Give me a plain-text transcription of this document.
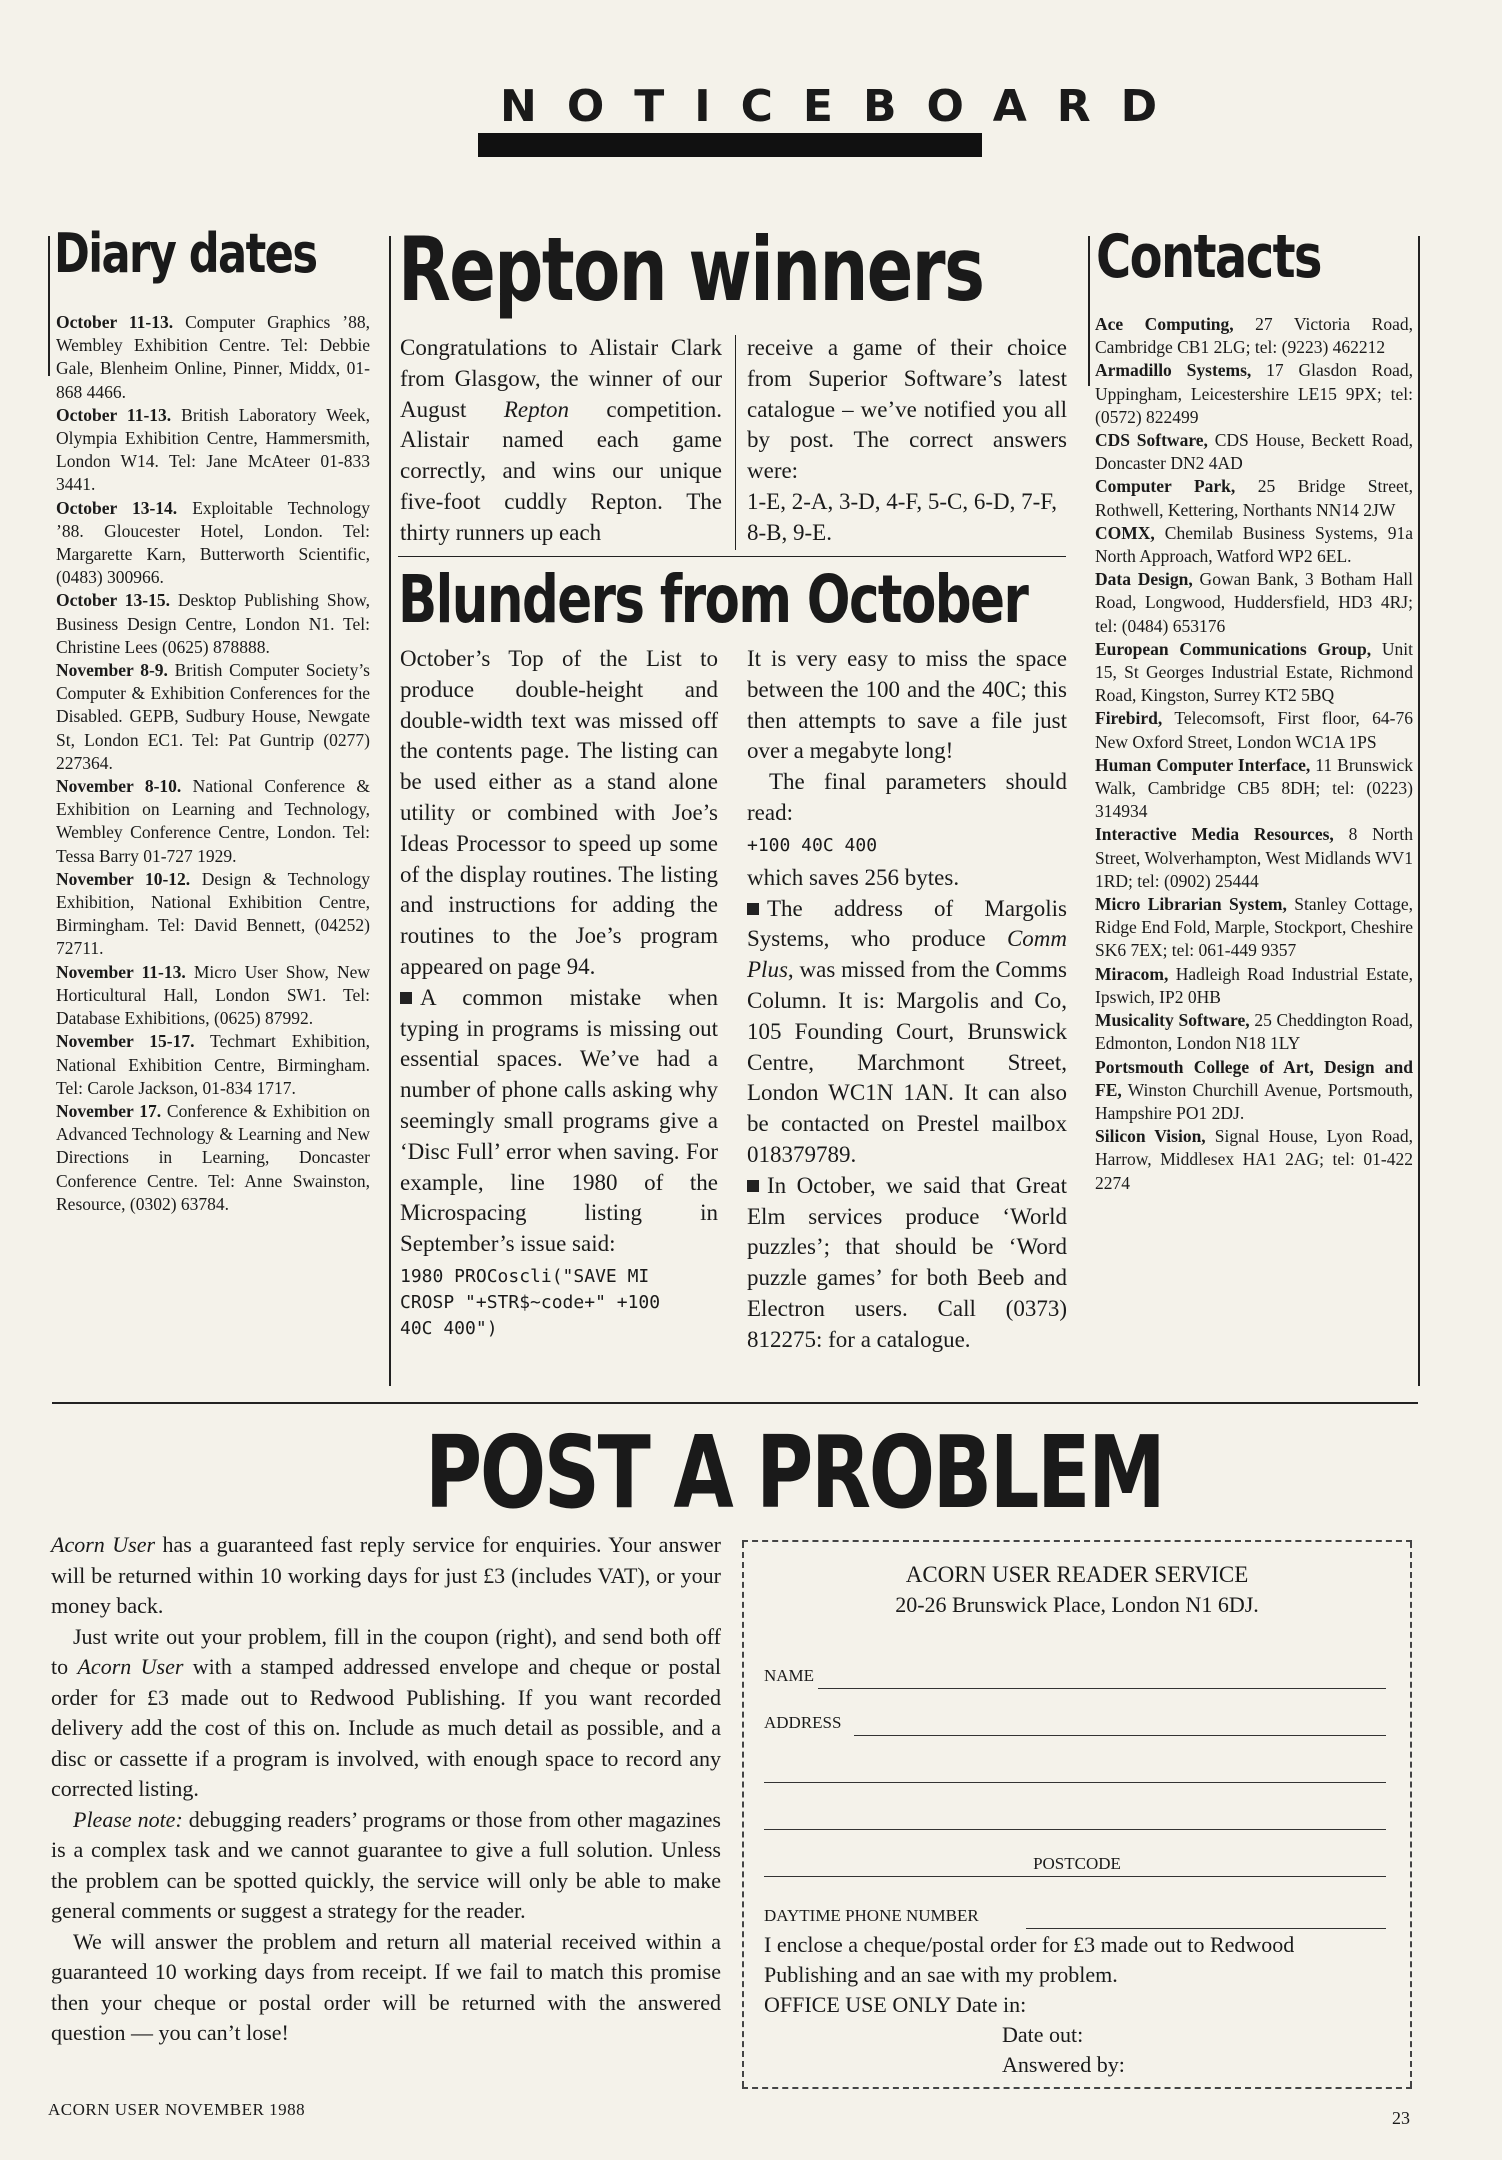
NOTICEBOARD
Diary dates

October 11-13. Computer Graphics ’88, Wembley Exhibition Centre. Tel: Debbie Gale, Blenheim Online, Pinner, Middx, 01-868 4466.

October 11-13. British Laboratory Week, Olympia Exhibition Centre, Hammersmith, London W14. Tel: Jane McAteer 01-833 3441.

October 13-14. Exploitable Technology ’88. Gloucester Hotel, London. Tel: Margarette Karn, Butterworth Scientific, (0483) 300966.

October 13-15. Desktop Publishing Show, Business Design Centre, London N1. Tel: Christine Lees (0625) 878888.

November 8-9. British Computer Society’s Computer & Exhibition Conferences for the Disabled. GEPB, Sudbury House, Newgate St, London EC1. Tel: Pat Guntrip (0277) 227364.

November 8-10. National Conference & Exhibition on Learning and Technology, Wembley Conference Centre, London. Tel: Tessa Barry 01-727 1929.

November 10-12. Design & Technology Exhibition, National Exhibition Centre, Birmingham. Tel: David Bennett, (04252) 72711.

November 11-13. Micro User Show, New Horticultural Hall, London SW1. Tel: Database Exhibitions, (0625) 87992.

November 15-17. Techmart Exhibition, National Exhibition Centre, Birmingham. Tel: Carole Jackson, 01-834 1717.

November 17. Conference & Exhibition on Advanced Technology & Learning and New Directions in Learning, Doncaster Conference Centre. Tel: Anne Swainston, Resource, (0302) 63784.

Repton winners

Congratulations to Alistair Clark from Glasgow, the winner of our August Repton competition. Alistair named each game correctly, and wins our unique five-foot cuddly Repton. The thirty runners up each

receive a game of their choice from Superior Software’s latest catalogue – we’ve notified you all by post. The correct answers were:

1-E, 2-A, 3-D, 4-F, 5-C, 6-D, 7-F, 8-B, 9-E.

Blunders from October

October’s Top of the List to produce double-height and double-width text was missed off the contents page. The listing can be used either as a stand alone utility or combined with Joe’s Ideas Processor to speed up some of the display routines. The listing and instructions for adding the routines to the Joe’s program appeared on page 94.

A common mistake when typing in programs is missing out essential spaces. We’ve had a number of phone calls asking why seemingly small programs give a ‘Disc Full’ error when saving. For example, line 1980 of the Microspacing listing in September’s issue said:

1980 PROCoscli("SAVE MI
CROSP "+STR$~code+" +100
40C 400")

It is very easy to miss the space between the 100 and the 40C; this then attempts to save a file just over a megabyte long!

The final parameters should read:

+100 40C 400

which saves 256 bytes.

The address of Margolis Systems, who produce Comm Plus, was missed from the Comms Column. It is: Margolis and Co, 105 Founding Court, Brunswick Centre, Marchmont Street, London WC1N 1AN. It can also be contacted on Prestel mailbox 018379789.

In October, we said that Great Elm services produce ‘World puzzles’; that should be ‘Word puzzle games’ for both Beeb and Electron users. Call (0373) 812275: for a catalogue.

Contacts

Ace Computing, 27 Victoria Road, Cambridge CB1 2LG; tel: (9223) 462212

Armadillo Systems, 17 Glasdon Road, Uppingham, Leicestershire LE15 9PX; tel: (0572) 822499

CDS Software, CDS House, Beckett Road, Doncaster DN2 4AD

Computer Park, 25 Bridge Street, Rothwell, Kettering, Northants NN14 2JW

COMX, Chemilab Business Systems, 91a North Approach, Watford WP2 6EL.

Data Design, Gowan Bank, 3 Botham Hall Road, Longwood, Huddersfield, HD3 4RJ; tel: (0484) 653176

European Communications Group, Unit 15, St Georges Industrial Estate, Richmond Road, Kingston, Surrey KT2 5BQ

Firebird, Telecomsoft, First floor, 64-76 New Oxford Street, London WC1A 1PS

Human Computer Interface, 11 Brunswick Walk, Cambridge CB5 8DH; tel: (0223) 314934

Interactive Media Resources, 8 North Street, Wolverhampton, West Midlands WV1 1RD; tel: (0902) 25444

Micro Librarian System, Stanley Cottage, Ridge End Fold, Marple, Stockport, Cheshire SK6 7EX; tel: 061-449 9357

Miracom, Hadleigh Road Industrial Estate, Ipswich, IP2 0HB

Musicality Software, 25 Cheddington Road, Edmonton, London N18 1LY

Portsmouth College of Art, Design and FE, Winston Churchill Avenue, Portsmouth, Hampshire PO1 2DJ.

Silicon Vision, Signal House, Lyon Road, Harrow, Middlesex HA1 2AG; tel: 01-422 2274

POST A PROBLEM

Acorn User has a guaranteed fast reply service for enquiries. Your answer will be returned within 10 working days for just £3 (includes VAT), or your money back.

Just write out your problem, fill in the coupon (right), and send both off to Acorn User with a stamped addressed envelope and cheque or postal order for £3 made out to Redwood Publishing. If you want recorded delivery add the cost of this on. Include as much detail as possible, and a disc or cassette if a program is involved, with enough space to record any corrected listing.

Please note: debugging readers’ programs or those from other magazines is a complex task and we cannot guarantee to give a full solution. Unless the problem can be spotted quickly, the service will only be able to make general comments or suggest a strategy for the reader.

We will answer the problem and return all material received within a guaranteed 10 working days from receipt. If we fail to match this promise then your cheque or postal order will be returned with the answered question — you can’t lose!

ACORN USER READER SERVICE
20-26 Brunswick Place, London N1 6DJ.
NAME
ADDRESS
POSTCODE
DAYTIME PHONE NUMBER
I enclose a cheque/postal order for £3 made out to Redwood Publishing and an sae with my problem.
OFFICE USE ONLY Date in:
Date out:
Answered by:
ACORN USER NOVEMBER 1988	23
